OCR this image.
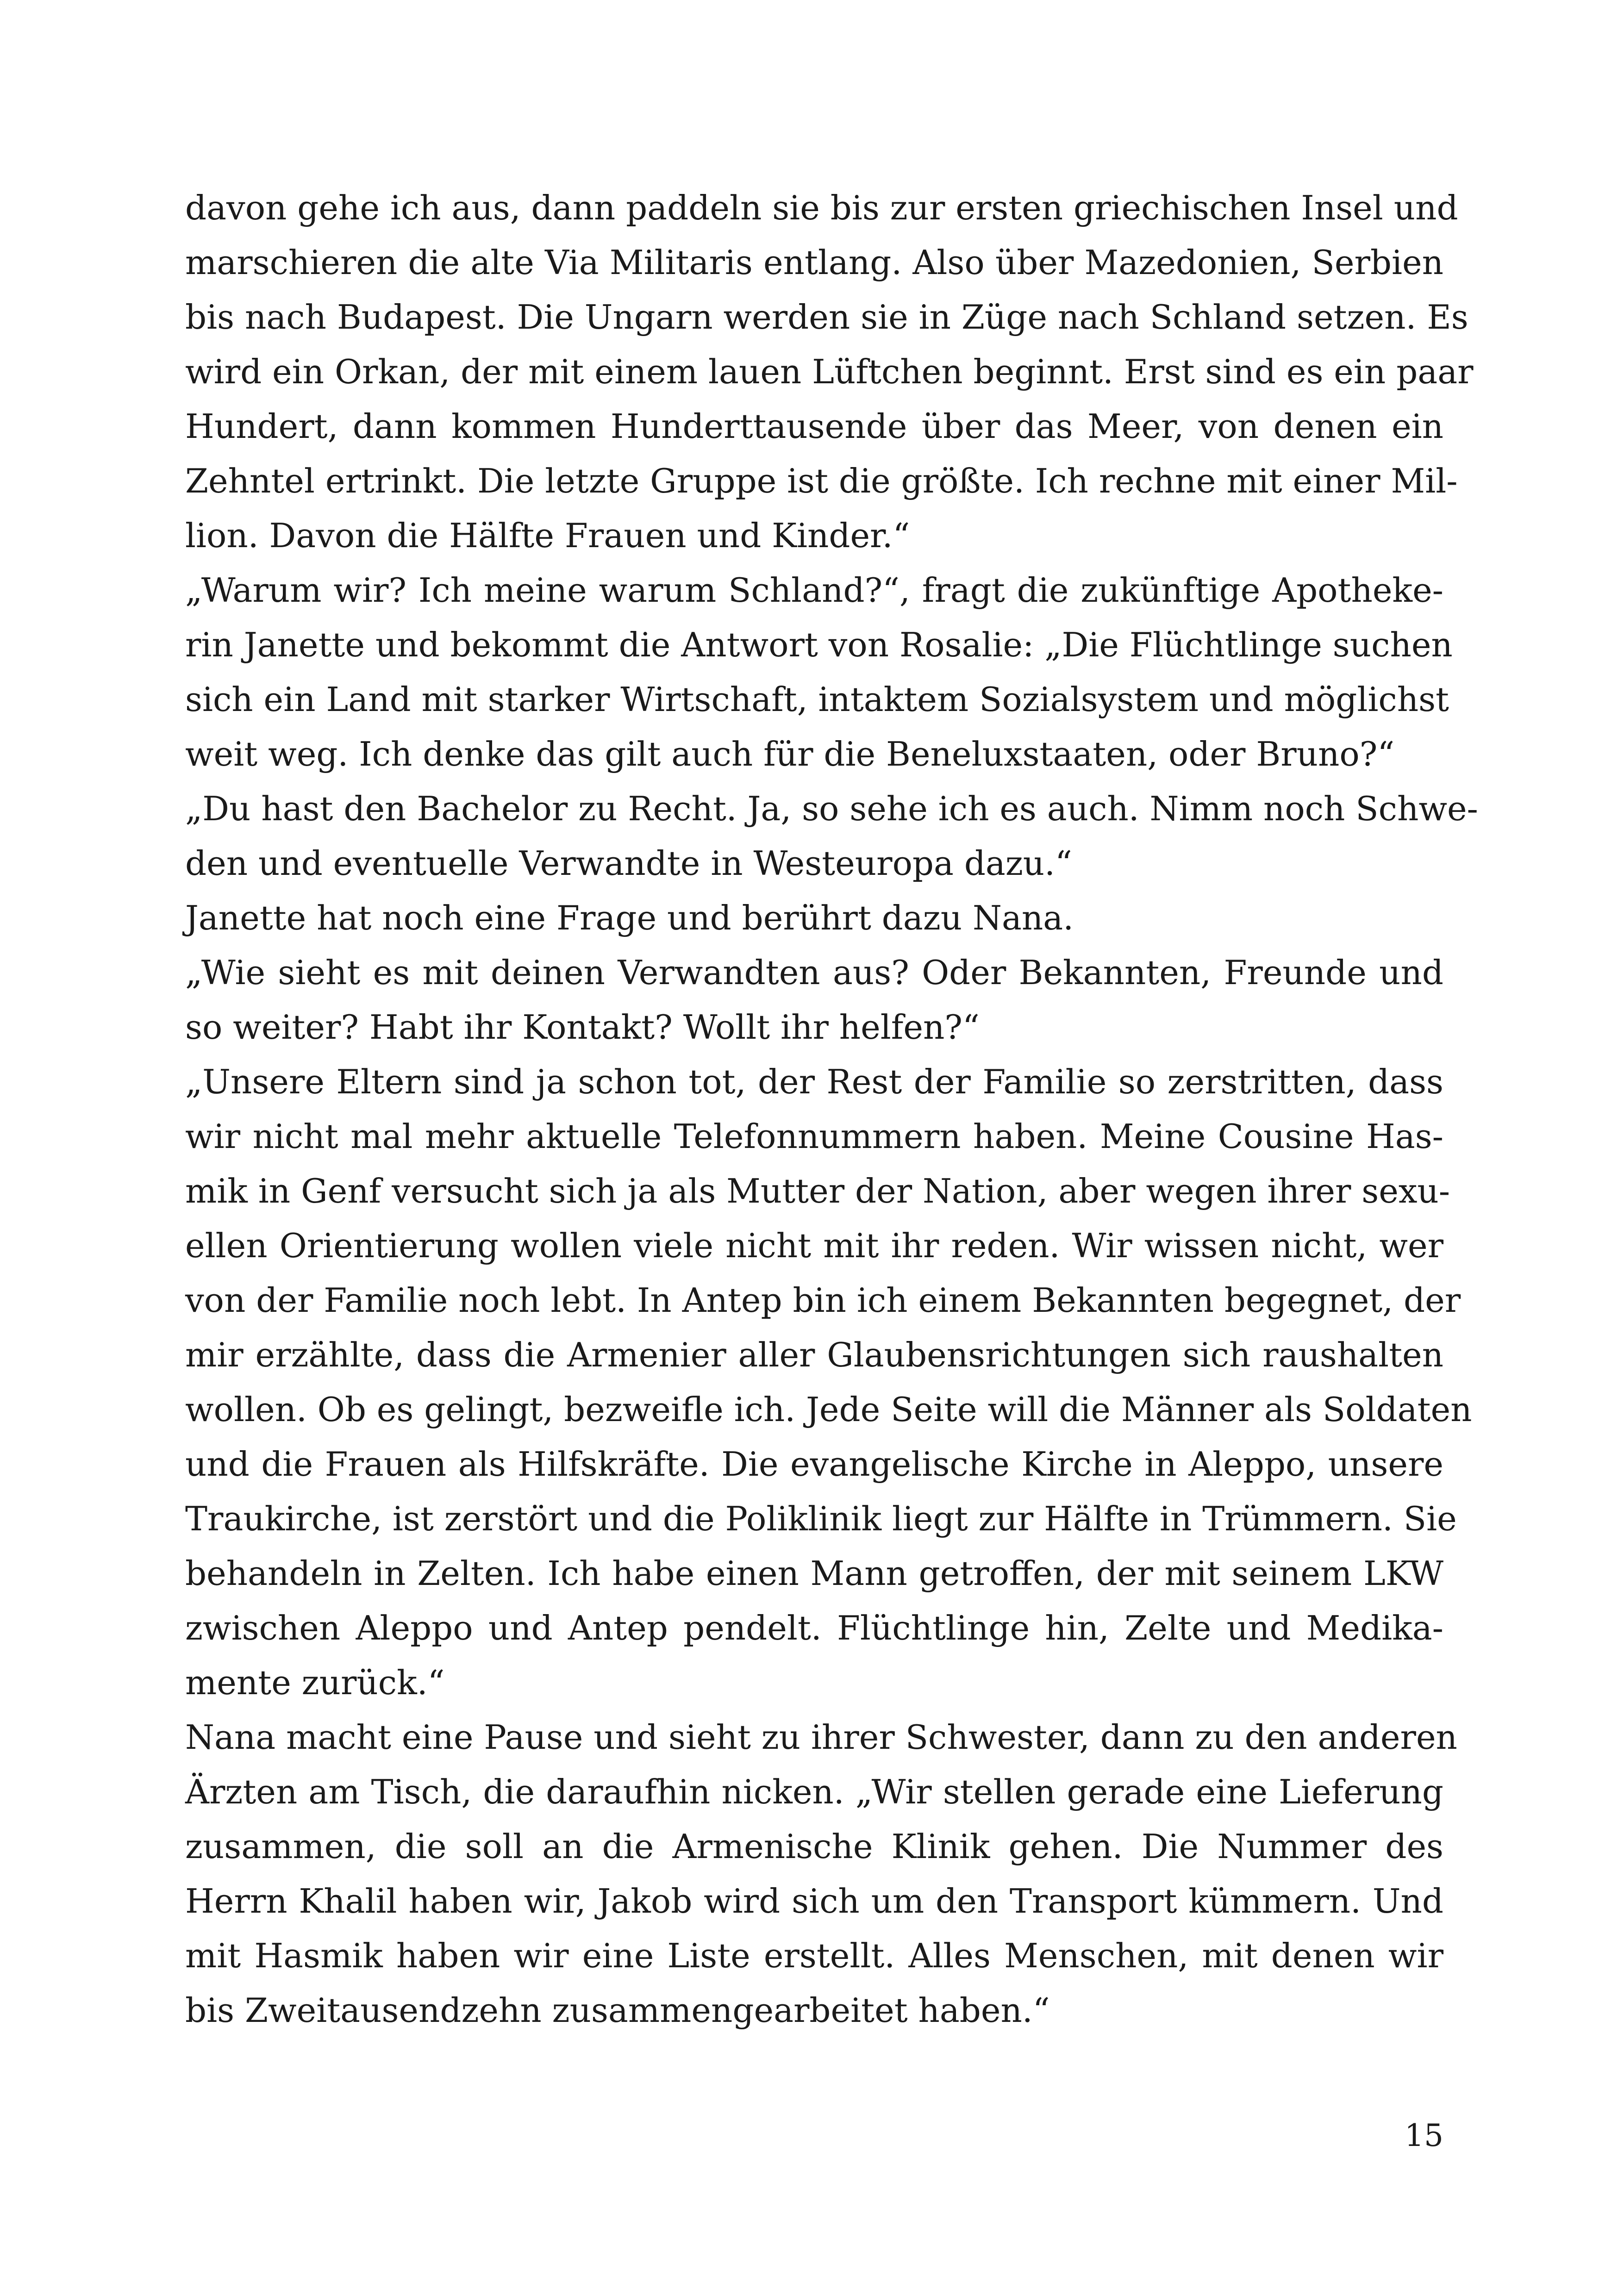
davon gehe ich aus, dann paddeln sie bis zur ersten griechischen Insel und
marschieren die alte Via Militaris entlang. Also über Mazedonien, Serbien
bis nach Budapest. Die Ungarn werden sie in Züge nach Schland setzen. Es
wird ein Orkan, der mit einem lauen Lüftchen beginnt. Erst sind es ein paar
Hundert, dann kommen Hunderttausende über das Meer, von denen ein
Zehntel ertrinkt. Die letzte Gruppe ist die größte. Ich rechne mit einer Mil-
lion. Davon die Hälfte Frauen und Kinder.“
„Warum wir? Ich meine warum Schland?“, fragt die zukünftige Apotheke-
rin Janette und bekommt die Antwort von Rosalie: „Die Flüchtlinge suchen
sich ein Land mit starker Wirtschaft, intaktem Sozialsystem und möglichst
weit weg. Ich denke das gilt auch für die Beneluxstaaten, oder Bruno?“
„Du hast den Bachelor zu Recht. Ja, so sehe ich es auch. Nimm noch Schwe-
den und eventuelle Verwandte in Westeuropa dazu.“
Janette hat noch eine Frage und berührt dazu Nana.
„Wie sieht es mit deinen Verwandten aus? Oder Bekannten, Freunde und
so weiter? Habt ihr Kontakt? Wollt ihr helfen?“
„Unsere Eltern sind ja schon tot, der Rest der Familie so zerstritten, dass
wir nicht mal mehr aktuelle Telefonnummern haben. Meine Cousine Has-
mik in Genf versucht sich ja als Mutter der Nation, aber wegen ihrer sexu-
ellen Orientierung wollen viele nicht mit ihr reden. Wir wissen nicht, wer
von der Familie noch lebt. In Antep bin ich einem Bekannten begegnet, der
mir erzählte, dass die Armenier aller Glaubensrichtungen sich raushalten
wollen. Ob es gelingt, bezweifle ich. Jede Seite will die Männer als Soldaten
und die Frauen als Hilfskräfte. Die evangelische Kirche in Aleppo, unsere
Traukirche, ist zerstört und die Poliklinik liegt zur Hälfte in Trümmern. Sie
behandeln in Zelten. Ich habe einen Mann getroffen, der mit seinem LKW
zwischen Aleppo und Antep pendelt. Flüchtlinge hin, Zelte und Medika-
mente zurück.“
Nana macht eine Pause und sieht zu ihrer Schwester, dann zu den anderen
Ärzten am Tisch, die daraufhin nicken. „Wir stellen gerade eine Lieferung
zusammen, die soll an die Armenische Klinik gehen. Die Nummer des
Herrn Khalil haben wir, Jakob wird sich um den Transport kümmern. Und
mit Hasmik haben wir eine Liste erstellt. Alles Menschen, mit denen wir
bis Zweitausendzehn zusammengearbeitet haben.“
15
